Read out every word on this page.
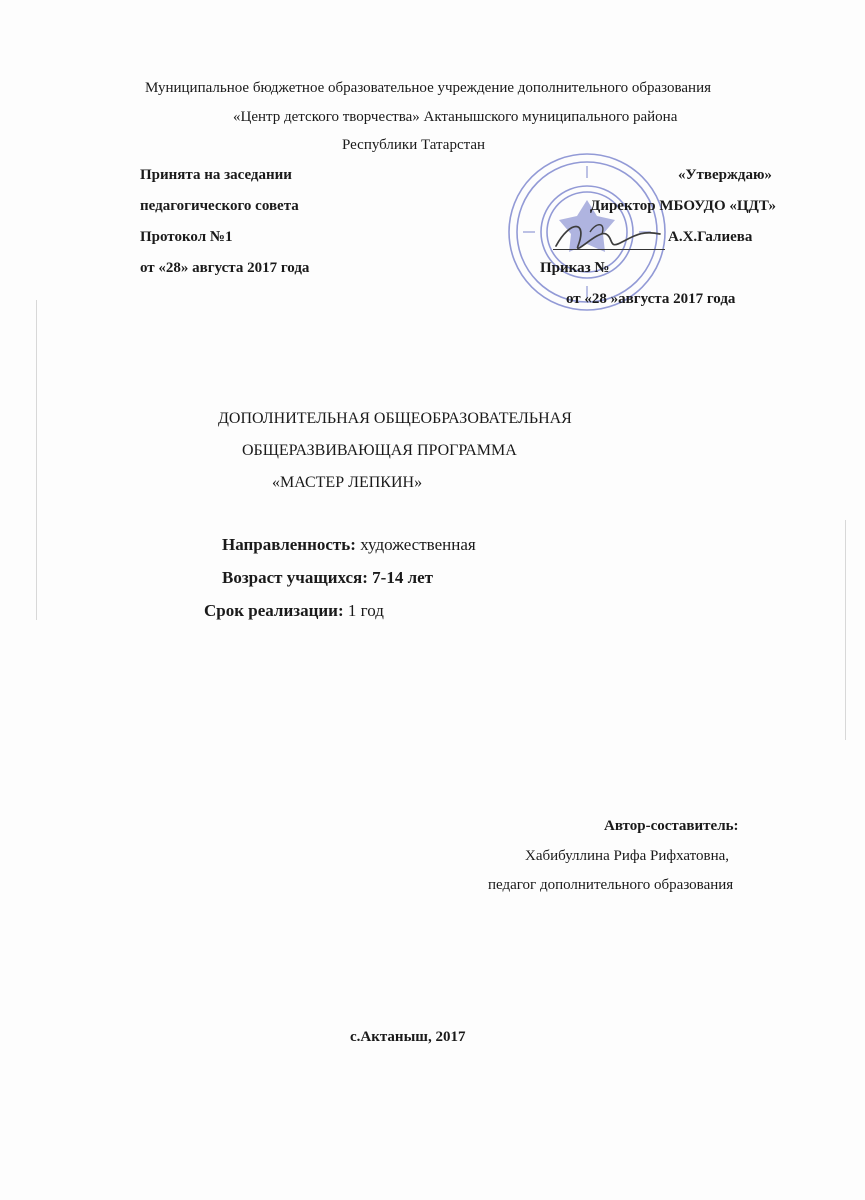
Муниципальное бюджетное образовательное учреждение дополнительного образования
«Центр детского творчества» Актанышского муниципального района
Республики Татарстан
Принята на заседании
педагогического совета
Протокол №1
от «28» августа 2017 года
«Утверждаю»
Директор МБОУДО «ЦДТ»
А.Х.Галиева
Приказ №
от «28 »августа 2017 года
ДОПОЛНИТЕЛЬНАЯ ОБЩЕОБРАЗОВАТЕЛЬНАЯ
ОБЩЕРАЗВИВАЮЩАЯ ПРОГРАММА
«МАСТЕР ЛЕПКИН»
Направленность: художественная
Возраст учащихся: 7-14 лет
Срок реализации: 1 год
Автор-составитель:
Хабибуллина Рифа Рифхатовна,
педагог дополнительного образования
с.Актаныш, 2017
